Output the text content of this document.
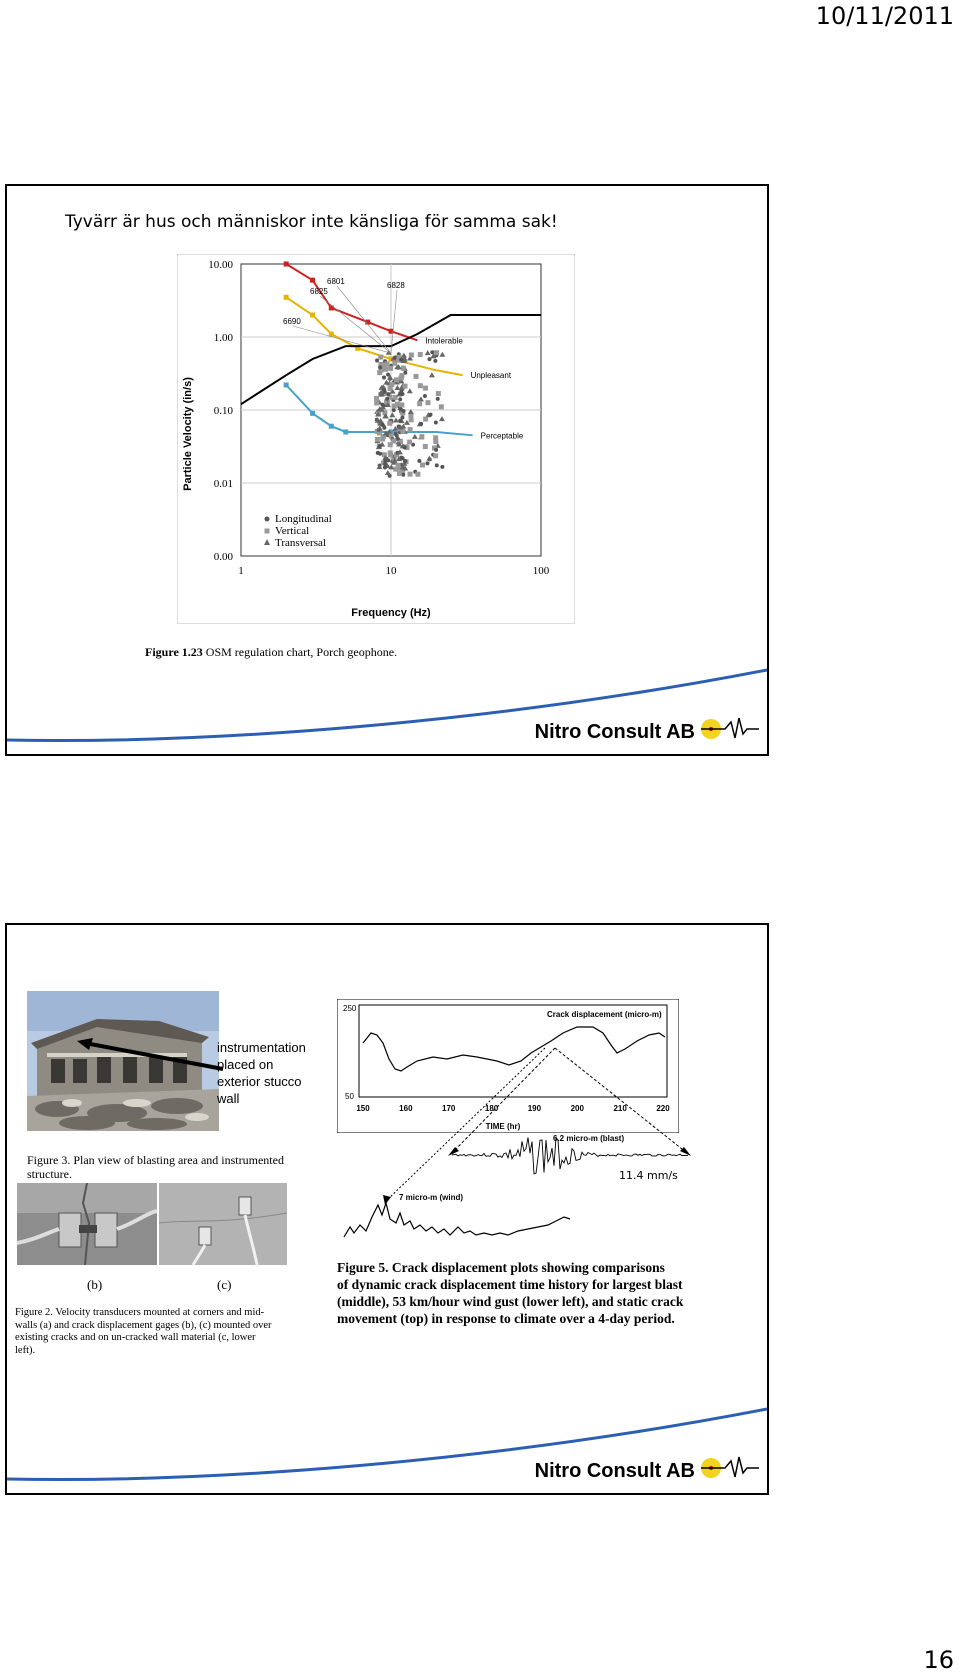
10/11/2011
Tyvärr är hus och människor inte känsliga för samma sak!
10.00
1.00
0.10
0.01
0.00
1	10	100
Intolerable
Unpleasant
Perceptable
6801
6825
6828
6690
Frequency (Hz)
Particle Velocity (in/s)
Longitudinal
Vertical
Transversal
Figure 1.23 OSM regulation chart, Porch geophone.
Nitro Consult AB
instrumentation
placed on
exterior stucco
wall
Figure 3. Plan view of blasting area and instrumented
structure.
Crack displacement (micro-m)
250
50
150	160	170	180	190	200	210	220
TIME (hr)
6.2 micro-m (blast)
11.4 mm/s
7 micro-m (wind)
(b)	(c)
Figure 2. Velocity transducers mounted at corners and mid-
walls (a) and crack displacement gages (b), (c) mounted over
existing cracks and on un-cracked wall material (c, lower
left).
Figure 5. Crack displacement plots showing comparisons
of dynamic crack displacement time history for largest blast
(middle), 53 km/hour wind gust (lower left), and static crack
movement (top) in response to climate over a 4-day period.
Nitro Consult AB
16
